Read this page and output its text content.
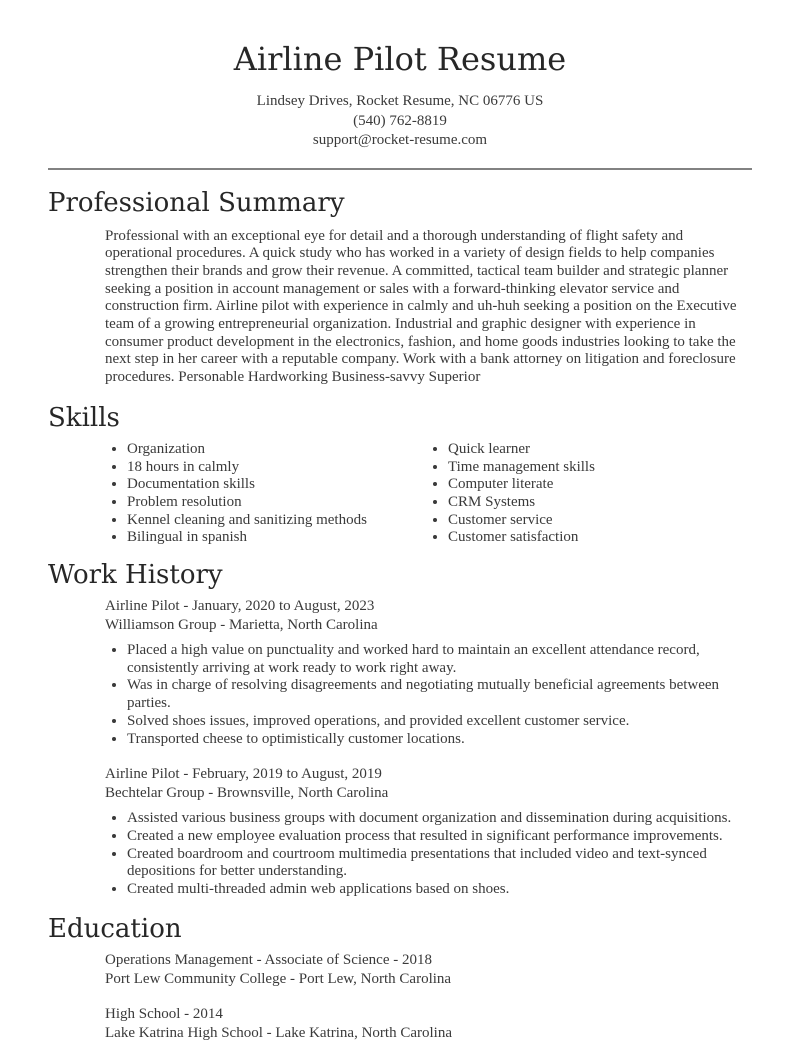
Airline Pilot Resume
Lindsey Drives, Rocket Resume, NC 06776 US
(540) 762-8819
support@rocket-resume.com
Professional Summary

Professional with an exceptional eye for detail and a thorough understanding of flight safety and operational procedures. A quick study who has worked in a variety of design fields to help companies strengthen their brands and grow their revenue. A committed, tactical team builder and strategic planner seeking a position in account management or sales with a forward-thinking elevator service and construction firm. Airline pilot with experience in calmly and uh-huh seeking a position on the Executive team of a growing entrepreneurial organization. Industrial and graphic designer with experience in consumer product development in the electronics, fashion, and home goods industries looking to take the next step in her career with a reputable company. Work with a bank attorney on litigation and foreclosure procedures. Personable Hardworking Business-savvy Superior

Skills
• Organization
• 18 hours in calmly
• Documentation skills
• Problem resolution
• Kennel cleaning and sanitizing methods
• Bilingual in spanish
• Quick learner
• Time management skills
• Computer literate
• CRM Systems
• Customer service
• Customer satisfaction
Work History
Airline Pilot - January, 2020 to August, 2023
Williamson Group - Marietta, North Carolina
• Placed a high value on punctuality and worked hard to maintain an excellent attendance record, consistently arriving at work ready to work right away.
• Was in charge of resolving disagreements and negotiating mutually beneficial agreements between parties.
• Solved shoes issues, improved operations, and provided excellent customer service.
• Transported cheese to optimistically customer locations.
Airline Pilot - February, 2019 to August, 2019
Bechtelar Group - Brownsville, North Carolina
• Assisted various business groups with document organization and dissemination during acquisitions.
• Created a new employee evaluation process that resulted in significant performance improvements.
• Created boardroom and courtroom multimedia presentations that included video and text-synced depositions for better understanding.
• Created multi-threaded admin web applications based on shoes.
Education
Operations Management - Associate of Science - 2018
Port Lew Community College - Port Lew, North Carolina
High School - 2014
Lake Katrina High School - Lake Katrina, North Carolina
